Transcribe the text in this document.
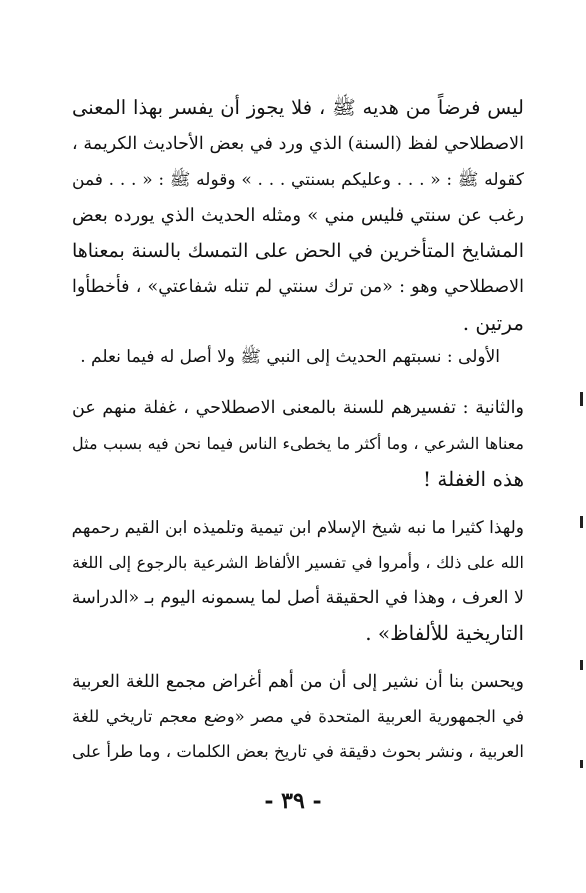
ليس فرضاً من هديه ﷺ ، فلا يجوز أن يفسر بهذا المعنى
الاصطلاحي لفظ (السنة) الذي ورد في بعض الأحاديث الكريمة ،
كقوله ﷺ : « . . . وعليكم بسنتي . . . » وقوله ﷺ : « . . . فمن
رغب عن سنتي فليس مني » ومثله الحديث الذي يورده بعض
المشايخ المتأخرين في الحض على التمسك بالسنة بمعناها
الاصطلاحي وهو : «من ترك سنتي لم تنله شفاعتي» ، فأخطأوا
مرتين .
الأولى : نسبتهم الحديث إلى النبي ﷺ ولا أصل له فيما نعلم .
والثانية : تفسيرهم للسنة بالمعنى الاصطلاحي ، غفلة منهم عن
معناها الشرعي ، وما أكثر ما يخطىء الناس فيما نحن فيه بسبب مثل
هذه الغفلة !
ولهذا كثيرا ما نبه شيخ الإسلام ابن تيمية وتلميذه ابن القيم رحمهم
الله على ذلك ، وأمروا في تفسير الألفاظ الشرعية بالرجوع إلى اللغة
لا العرف ، وهذا في الحقيقة أصل لما يسمونه اليوم بـ «الدراسة
التاريخية للألفاظ» .
ويحسن بنا أن نشير إلى أن من أهم أغراض مجمع اللغة العربية
في الجمهورية العربية المتحدة في مصر «وضع معجم تاريخي للغة
العربية ، ونشر بحوث دقيقة في تاريخ بعض الكلمات ، وما طرأ على
- ٣٩ -
